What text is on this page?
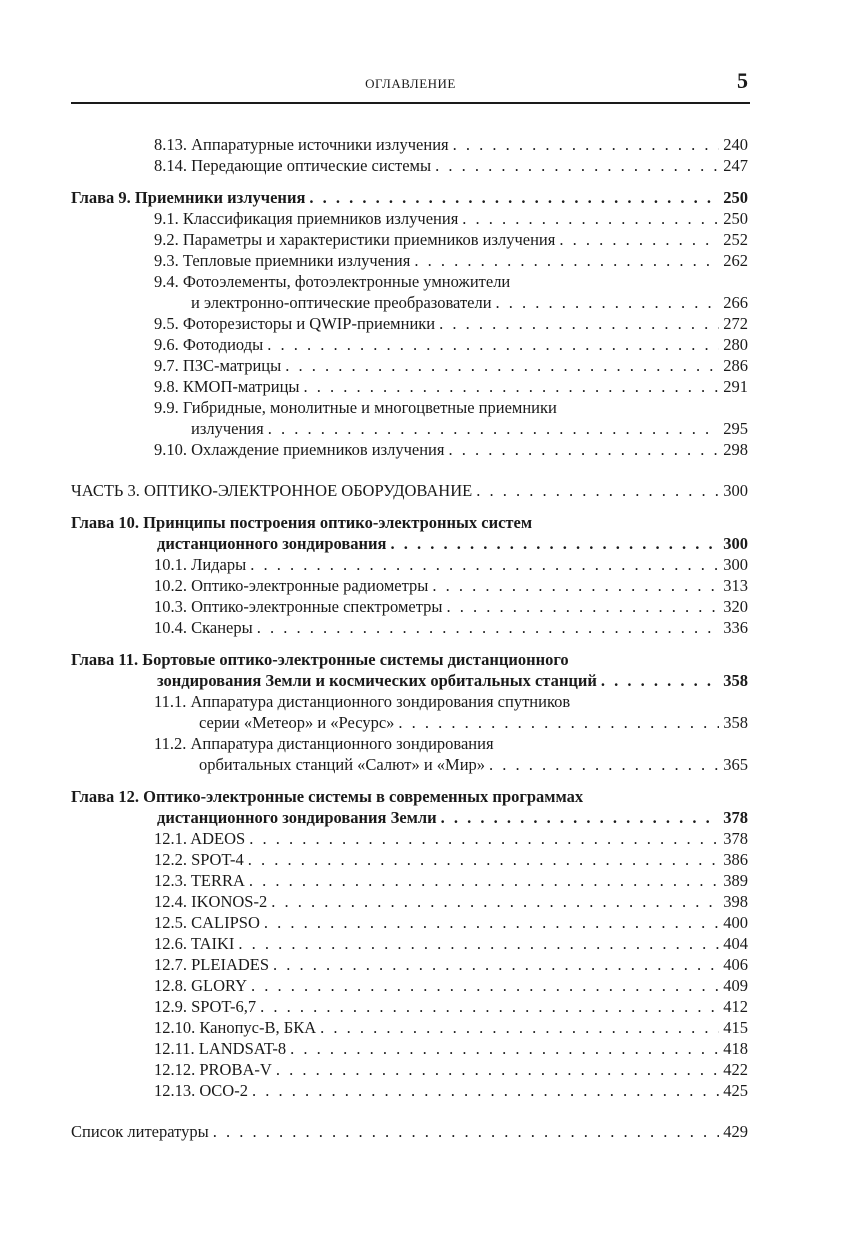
ОГЛАВЛЕНИЕ	5
8.13. Аппаратурные источники излучения . . .	240
8.14. Передающие оптические системы . . .	247
Глава 9. Приемники излучения . . .	250
9.1. Классификация приемников излучения . . .	250
9.2. Параметры и характеристики приемников излучения . . .	252
9.3. Тепловые приемники излучения . . .	262
9.4. Фотоэлементы, фотоэлектронные умножители
и электронно-оптические преобразователи . . .	266
9.5. Фоторезисторы и QWIP-приемники . . .	272
9.6. Фотодиоды . . .	280
9.7. ПЗС-матрицы . . .	286
9.8. КМОП-матрицы . . .	291
9.9. Гибридные, монолитные и многоцветные приемники
излучения . . .	295
9.10. Охлаждение приемников излучения . . .	298
ЧАСТЬ 3. ОПТИКО-ЭЛЕКТРОННОЕ ОБОРУДОВАНИЕ . . .	300
Глава 10. Принципы построения оптико-электронных систем
дистанционного зондирования . . .	300
10.1. Лидары . . .	300
10.2. Оптико-электронные радиометры . . .	313
10.3. Оптико-электронные спектрометры . . .	320
10.4. Сканеры . . .	336
Глава 11. Бортовые оптико-электронные системы дистанционного
зондирования Земли и космических орбитальных станций . . .	358
11.1. Аппаратура дистанционного зондирования спутников
серии «Метеор» и «Ресурс» . . .	358
11.2. Аппаратура дистанционного зондирования
орбитальных станций «Салют» и «Мир» . . .	365
Глава 12. Оптико-электронные системы в современных программах
дистанционного зондирования Земли . . .	378
12.1. ADEOS . . .	378
12.2. SPOT-4 . . .	386
12.3. TERRA . . .	389
12.4. IKONOS-2 . . .	398
12.5. CALIPSO . . .	400
12.6. TAIKI . . .	404
12.7. PLEIADES . . .	406
12.8. GLORY . . .	409
12.9. SPOT-6,7 . . .	412
12.10. Канопус-В, БКА . . .	415
12.11. LANDSAT-8 . . .	418
12.12. PROBA-V . . .	422
12.13. OCO-2 . . .	425
Список литературы . . .	429
